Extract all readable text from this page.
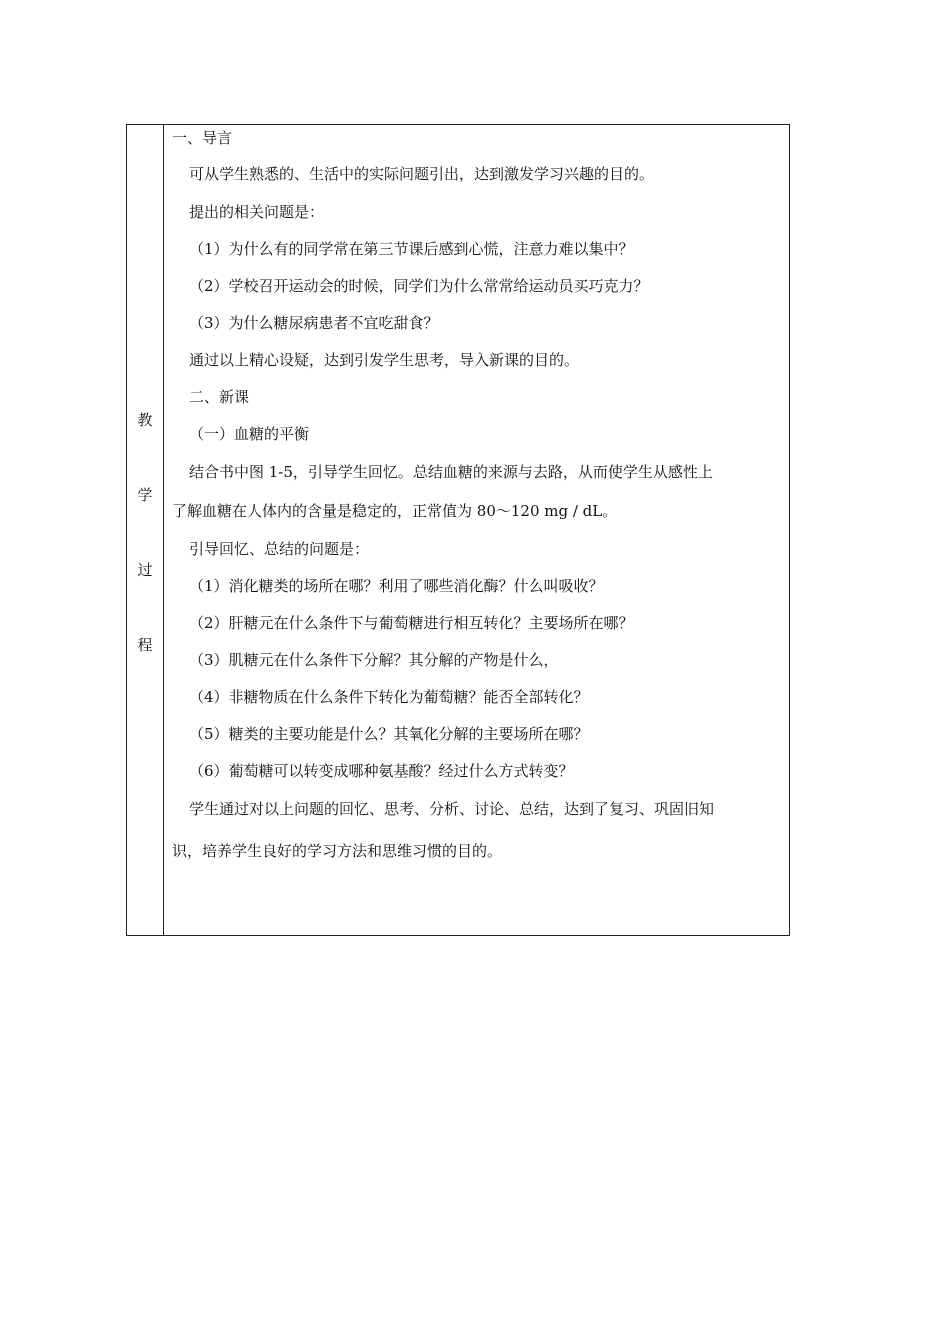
教
学
过
程
一、导言
可从学生熟悉的、生活中的实际问题引出，达到激发学习兴趣的目的。
提出的相关问题是：
（1）为什么有的同学常在第三节课后感到心慌，注意力难以集中？
（2）学校召开运动会的时候，同学们为什么常常给运动员买巧克力？
（3）为什么糖尿病患者不宜吃甜食？
通过以上精心设疑，达到引发学生思考，导入新课的目的。
二、新课
（一）血糖的平衡
结合书中图 1-5，引导学生回忆。总结血糖的来源与去路，从而使学生从感性上
了解血糖在人体内的含量是稳定的，正常值为 80～120 mg / dL。
引导回忆、总结的问题是：
（1）消化糖类的场所在哪？利用了哪些消化酶？什么叫吸收？
（2）肝糖元在什么条件下与葡萄糖进行相互转化？主要场所在哪？
（3）肌糖元在什么条件下分解？其分解的产物是什么，
（4）非糖物质在什么条件下转化为葡萄糖？能否全部转化？
（5）糖类的主要功能是什么？其氧化分解的主要场所在哪？
（6）葡萄糖可以转变成哪种氨基酸？经过什么方式转变？
学生通过对以上问题的回忆、思考、分析、讨论、总结，达到了复习、巩固旧知
识，培养学生良好的学习方法和思维习惯的目的。
